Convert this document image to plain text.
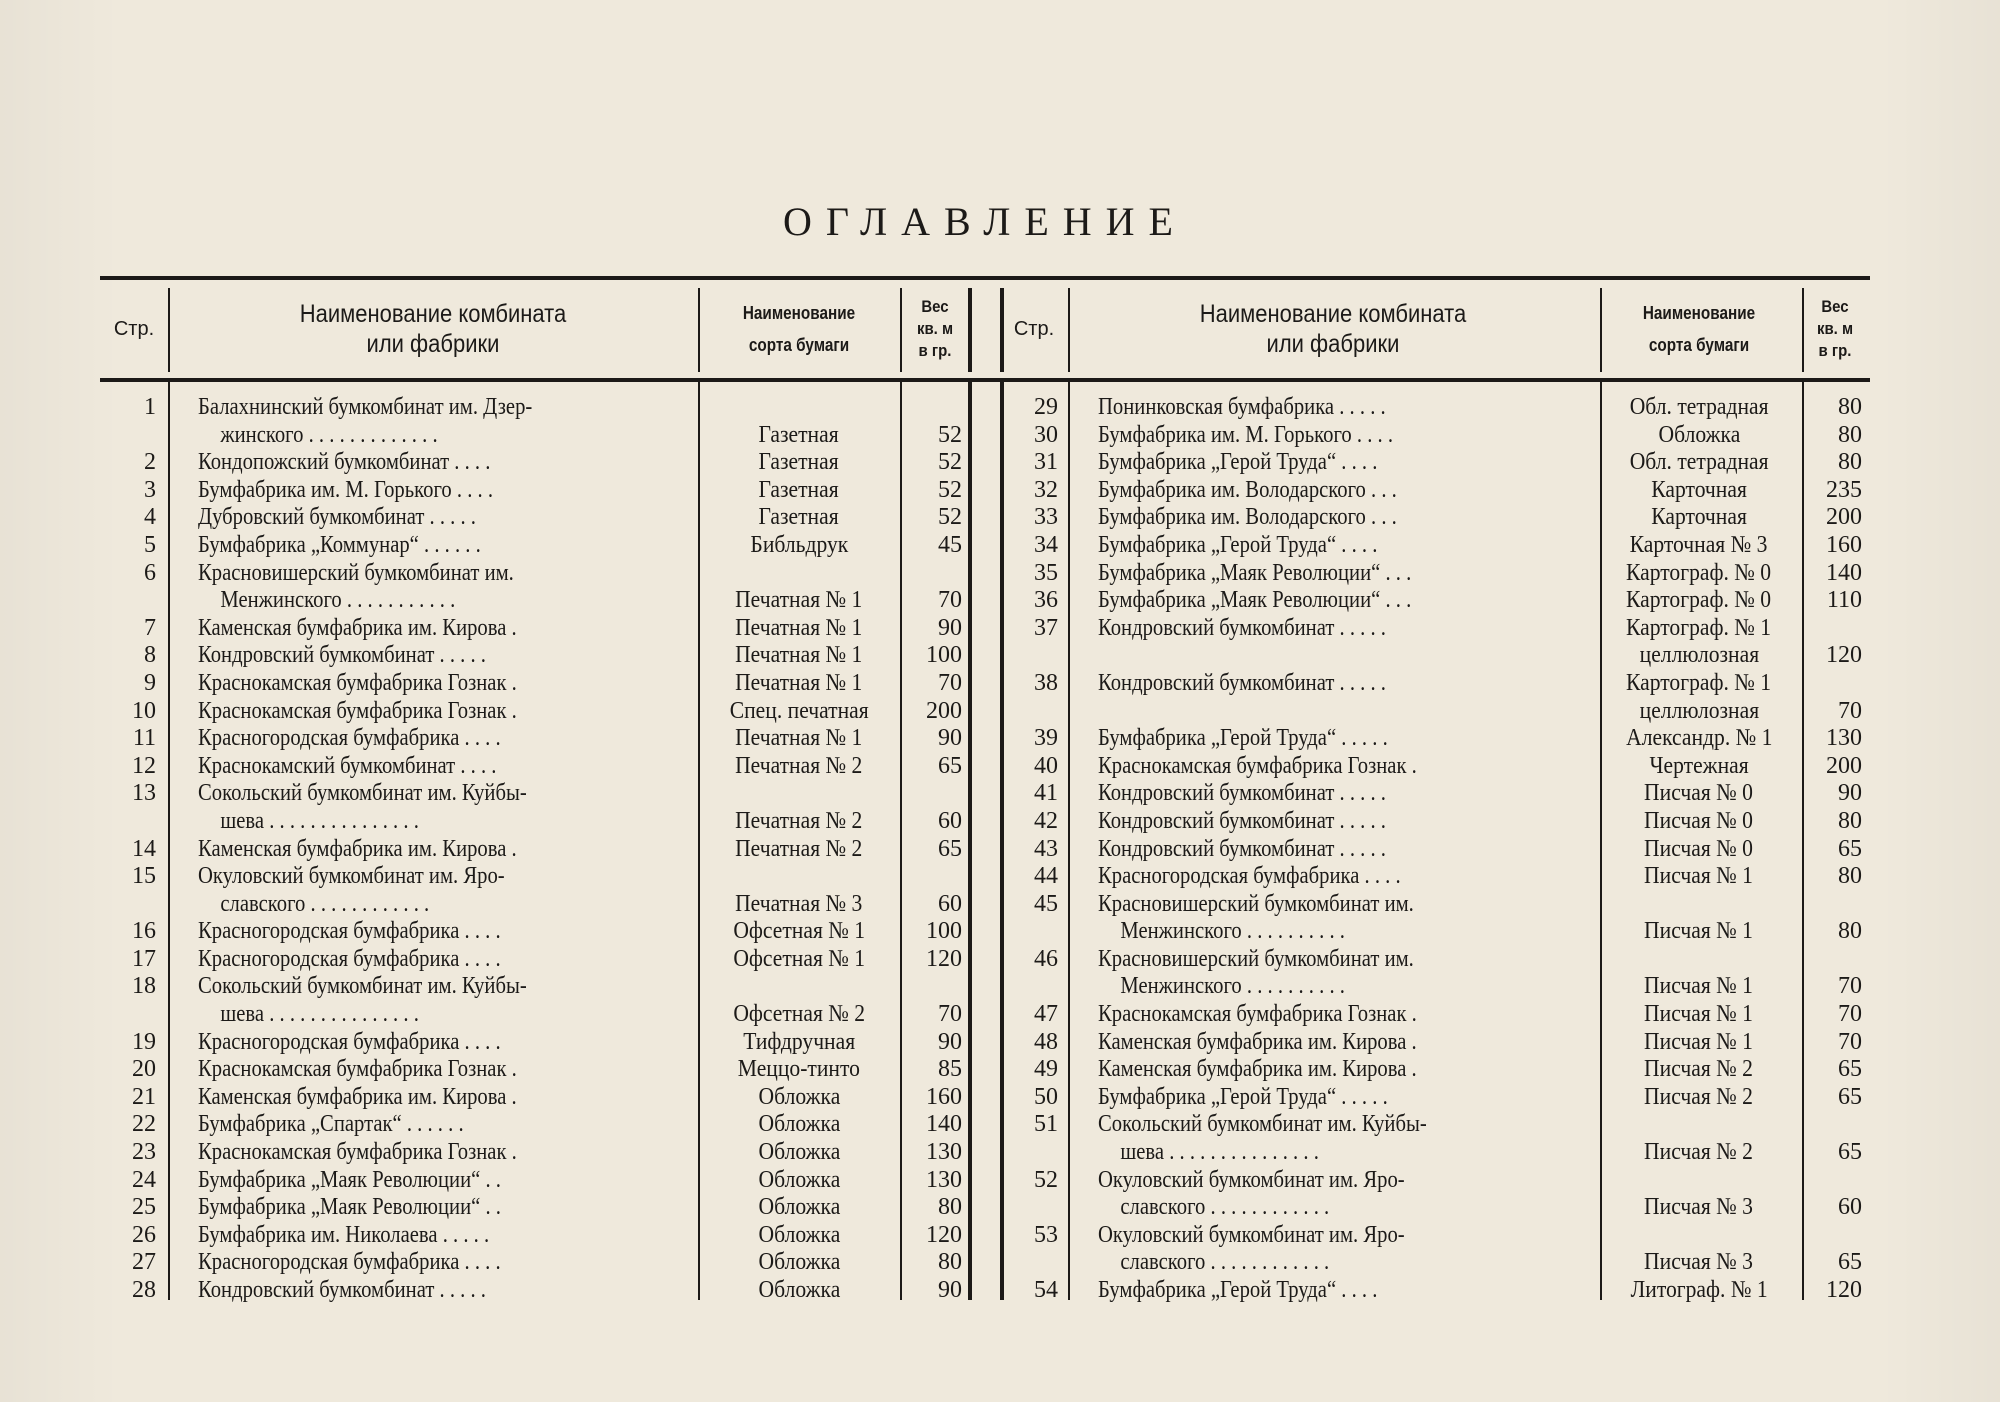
ОГЛАВЛЕНИЕ
Стр.
Наименование комбината
или фабрики
Наименование
сорта бумаги
Вес
кв. м
в гр.
1 Балахнинский бумкомбинат им. Дзер-
жинского . . . . . . . . . . . . .	Газетная	52
2 Кондопожский бумкомбинат . . . .	Газетная	52
3 Бумфабрика им. М. Горького . . . .	Газетная	52
4 Дубровский бумкомбинат . . . . .	Газетная	52
5 Бумфабрика „Коммунар“ . . . . . .	Библьдрук	45
6 Красновишерский бумкомбинат им.
Менжинского . . . . . . . . . . .	Печатная № 1	70
7 Каменская бумфабрика им. Кирова .	Печатная № 1	90
8 Кондровский бумкомбинат . . . . .	Печатная № 1	100
9 Краснокамская бумфабрика Гознак .	Печатная № 1	70
10 Краснокамская бумфабрика Гознак .	Спец. печатная	200
11 Красногородская бумфабрика . . . .	Печатная № 1	90
12 Краснокамский бумкомбинат . . . .	Печатная № 2	65
13 Сокольский бумкомбинат им. Куйбы-
шева . . . . . . . . . . . . . . .	Печатная № 2	60
14 Каменская бумфабрика им. Кирова .	Печатная № 2	65
15 Окуловский бумкомбинат им. Яро-
славского . . . . . . . . . . . .	Печатная № 3	60
16 Красногородская бумфабрика . . . .	Офсетная № 1	100
17 Красногородская бумфабрика . . . .	Офсетная № 1	120
18 Сокольский бумкомбинат им. Куйбы-
шева . . . . . . . . . . . . . . .	Офсетная № 2	70
19 Красногородская бумфабрика . . . .	Тифдручная	90
20 Краснокамская бумфабрика Гознак .	Меццо-тинто	85
21 Каменская бумфабрика им. Кирова .	Обложка	160
22 Бумфабрика „Спартак“ . . . . . .	Обложка	140
23 Краснокамская бумфабрика Гознак .	Обложка	130
24 Бумфабрика „Маяк Революции“ . .	Обложка	130
25 Бумфабрика „Маяк Революции“ . .	Обложка	80
26 Бумфабрика им. Николаева . . . . .	Обложка	120
27 Красногородская бумфабрика . . . .	Обложка	80
28 Кондровский бумкомбинат . . . . .	Обложка	90
Стр.
Наименование комбината
или фабрики
Наименование
сорта бумаги
Вес
кв. м
в гр.
29 Понинковская бумфабрика . . . . .	Обл. тетрадная	80
30 Бумфабрика им. М. Горького . . . .	Обложка	80
31 Бумфабрика „Герой Труда“ . . . .	Обл. тетрадная	80
32 Бумфабрика им. Володарского . . .	Карточная	235
33 Бумфабрика им. Володарского . . .	Карточная	200
34 Бумфабрика „Герой Труда“ . . . .	Карточная № 3	160
35 Бумфабрика „Маяк Революции“ . . .	Картограф. № 0	140
36 Бумфабрика „Маяк Революции“ . . .	Картограф. № 0	110
37 Кондровский бумкомбинат . . . . .	Картограф. № 1
целлюлозная	120
38 Кондровский бумкомбинат . . . . .	Картограф. № 1
целлюлозная	70
39 Бумфабрика „Герой Труда“ . . . . .	Александр. № 1	130
40 Краснокамская бумфабрика Гознак .	Чертежная	200
41 Кондровский бумкомбинат . . . . .	Писчая № 0	90
42 Кондровский бумкомбинат . . . . .	Писчая № 0	80
43 Кондровский бумкомбинат . . . . .	Писчая № 0	65
44 Красногородская бумфабрика . . . .	Писчая № 1	80
45 Красновишерский бумкомбинат им.
Менжинского . . . . . . . . . .	Писчая № 1	80
46 Красновишерский бумкомбинат им.
Менжинского . . . . . . . . . .	Писчая № 1	70
47 Краснокамская бумфабрика Гознак .	Писчая № 1	70
48 Каменская бумфабрика им. Кирова .	Писчая № 1	70
49 Каменская бумфабрика им. Кирова .	Писчая № 2	65
50 Бумфабрика „Герой Труда“ . . . . .	Писчая № 2	65
51 Сокольский бумкомбинат им. Куйбы-
шева . . . . . . . . . . . . . . .	Писчая № 2	65
52 Окуловский бумкомбинат им. Яро-
славского . . . . . . . . . . . .	Писчая № 3	60
53 Окуловский бумкомбинат им. Яро-
славского . . . . . . . . . . . .	Писчая № 3	65
54 Бумфабрика „Герой Труда“ . . . .	Литограф. № 1	120
